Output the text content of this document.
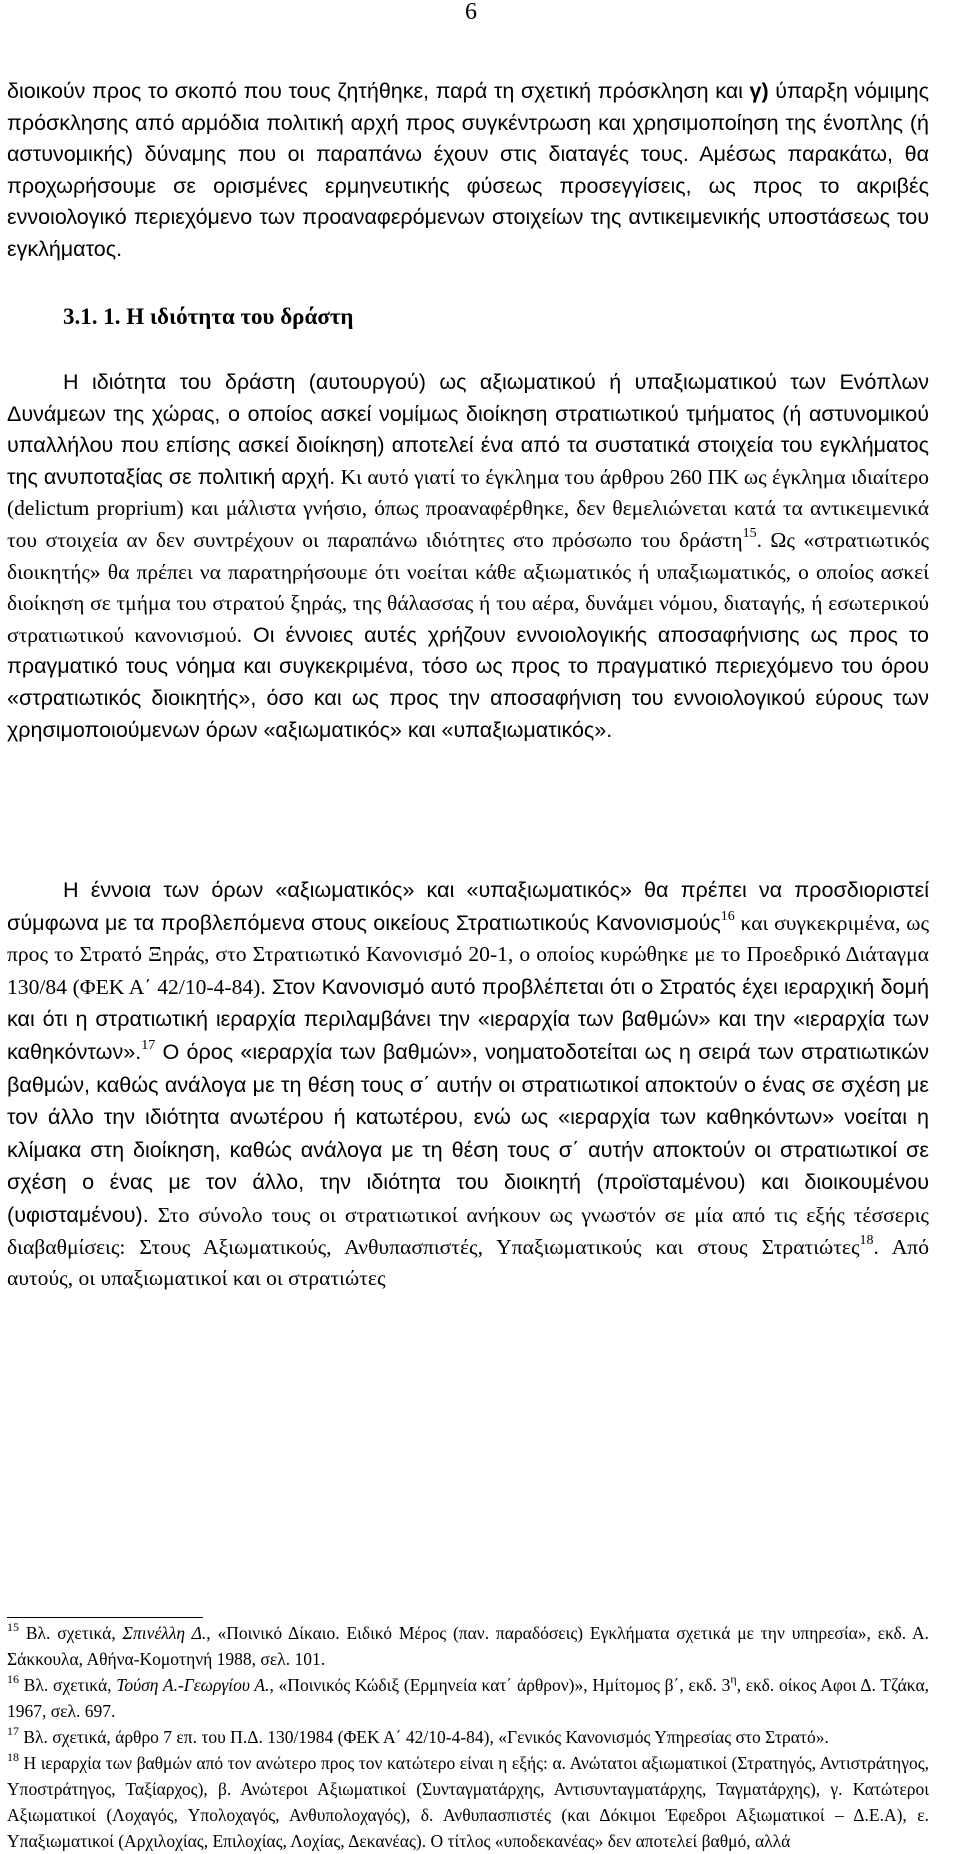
6
διοικούν προς το σκοπό που τους ζητήθηκε, παρά τη σχετική πρόσκληση και γ) ύπαρξη νόμιμης πρόσκλησης από αρμόδια πολιτική αρχή προς συγκέντρωση και χρησιμοποίηση της ένοπλης (ή αστυνομικής) δύναμης που οι παραπάνω έχουν στις διαταγές τους. Αμέσως παρακάτω, θα προχωρήσουμε σε ορισμένες ερμηνευτικής φύσεως προσεγγίσεις, ως προς το ακριβές εννοιολογικό περιεχόμενο των προαναφερόμενων στοιχείων της αντικειμενικής υποστάσεως του εγκλήματος.
3.1. 1. Η ιδιότητα του δράστη
Η ιδιότητα του δράστη (αυτουργού) ως αξιωματικού ή υπαξιωματικού των Ενόπλων Δυνάμεων της χώρας, ο οποίος ασκεί νομίμως διοίκηση στρατιωτικού τμήματος (ή αστυνομικού υπαλλήλου που επίσης ασκεί διοίκηση) αποτελεί ένα από τα συστατικά στοιχεία του εγκλήματος της ανυποταξίας σε πολιτική αρχή. Κι αυτό γιατί το έγκλημα του άρθρου 260 ΠΚ ως έγκλημα ιδιαίτερο (delictum proprium) και μάλιστα γνήσιο, όπως προαναφέρθηκε, δεν θεμελιώνεται κατά τα αντικειμενικά του στοιχεία αν δεν συντρέχουν οι παραπάνω ιδιότητες στο πρόσωπο του δράστη$^{15}$. Ως «στρατιωτικός διοικητής» θα πρέπει να παρατηρήσουμε ότι νοείται κάθε αξιωματικός ή υπαξιωματικός, ο οποίος ασκεί διοίκηση σε τμήμα του στρατού ξηράς, της θάλασσας ή του αέρα, δυνάμει νόμου, διαταγής, ή εσωτερικού στρατιωτικού κανονισμού. Οι έννοιες αυτές χρήζουν εννοιολογικής αποσαφήνισης ως προς το πραγματικό τους νόημα και συγκεκριμένα, τόσο ως προς το πραγματικό περιεχόμενο του όρου «στρατιωτικός διοικητής», όσο και ως προς την αποσαφήνιση του εννοιολογικού εύρους των χρησιμοποιούμενων όρων «αξιωματικός» και «υπαξιωματικός».
Η έννοια των όρων «αξιωματικός» και «υπαξιωματικός» θα πρέπει να προσδιοριστεί σύμφωνα με τα προβλεπόμενα στους οικείους Στρατιωτικούς Κανονισμούς$^{16}$ και συγκεκριμένα, ως προς το Στρατό Ξηράς, στο Στρατιωτικό Κανονισμό 20-1, ο οποίος κυρώθηκε με το Προεδρικό Διάταγμα 130/84 (ΦΕΚ Α΄ 42/10-4-84). Στον Κανονισμό αυτό προβλέπεται ότι ο Στρατός έχει ιεραρχική δομή και ότι η στρατιωτική ιεραρχία περιλαμβάνει την «ιεραρχία των βαθμών» και την «ιεραρχία των καθηκόντων».$^{17}$ Ο όρος «ιεραρχία των βαθμών», νοηματοδοτείται ως η σειρά των στρατιωτικών βαθμών, καθώς ανάλογα με τη θέση τους σ΄ αυτήν οι στρατιωτικοί αποκτούν ο ένας σε σχέση με τον άλλο την ιδιότητα ανωτέρου ή κατωτέρου, ενώ ως «ιεραρχία των καθηκόντων» νοείται η κλίμακα στη διοίκηση, καθώς ανάλογα με τη θέση τους σ΄ αυτήν αποκτούν οι στρατιωτικοί σε σχέση ο ένας με τον άλλο, την ιδιότητα του διοικητή (προϊσταμένου) και διοικουμένου (υφισταμένου). Στο σύνολο τους οι στρατιωτικοί ανήκουν ως γνωστόν σε μία από τις εξής τέσσερις διαβαθμίσεις: Στους Αξιωματικούς, Ανθυπασπιστές, Υπαξιωματικούς και στους Στρατιώτες$^{18}$. Από αυτούς, οι υπαξιωματικοί και οι στρατιώτες

$^{15}$ Βλ. σχετικά, Σπινέλλη Δ., «Ποινικό Δίκαιο. Ειδικό Μέρος (παν. παραδόσεις) Εγκλήματα σχετικά με την υπηρεσία», εκδ. Α. Σάκκουλα, Αθήνα-Κομοτηνή 1988, σελ. 101.

$^{16}$ Βλ. σχετικά, Τούση Α.-Γεωργίου Α., «Ποινικός Κώδιξ (Ερμηνεία κατ΄ άρθρον)», Ημίτομος β΄, εκδ. $3^\eta$, εκδ. οίκος Αφοι Δ. Τζάκα, 1967, σελ. 697.

$^{17}$ Βλ. σχετικά, άρθρο 7 επ. του Π.Δ. 130/1984 (ΦΕΚ Α΄ 42/10-4-84), «Γενικός Κανονισμός Υπηρεσίας στο Στρατό».

$^{18}$ Η ιεραρχία των βαθμών από τον ανώτερο προς τον κατώτερο είναι η εξής: α. Ανώτατοι αξιωματικοί (Στρατηγός, Αντιστράτηγος, Υποστράτηγος, Ταξίαρχος), β. Ανώτεροι Αξιωματικοί (Συνταγματάρχης, Αντισυνταγματάρχης, Ταγματάρχης), γ. Κατώτεροι Αξιωματικοί (Λοχαγός, Υπολοχαγός, Ανθυπολοχαγός), δ. Ανθυπασπιστές (και Δόκιμοι Έφεδροι Αξιωματικοί – Δ.Ε.Α), ε. Υπαξιωματικοί (Αρχιλοχίας, Επιλοχίας, Λοχίας, Δεκανέας). Ο τίτλος «υποδεκανέας» δεν αποτελεί βαθμό, αλλά
